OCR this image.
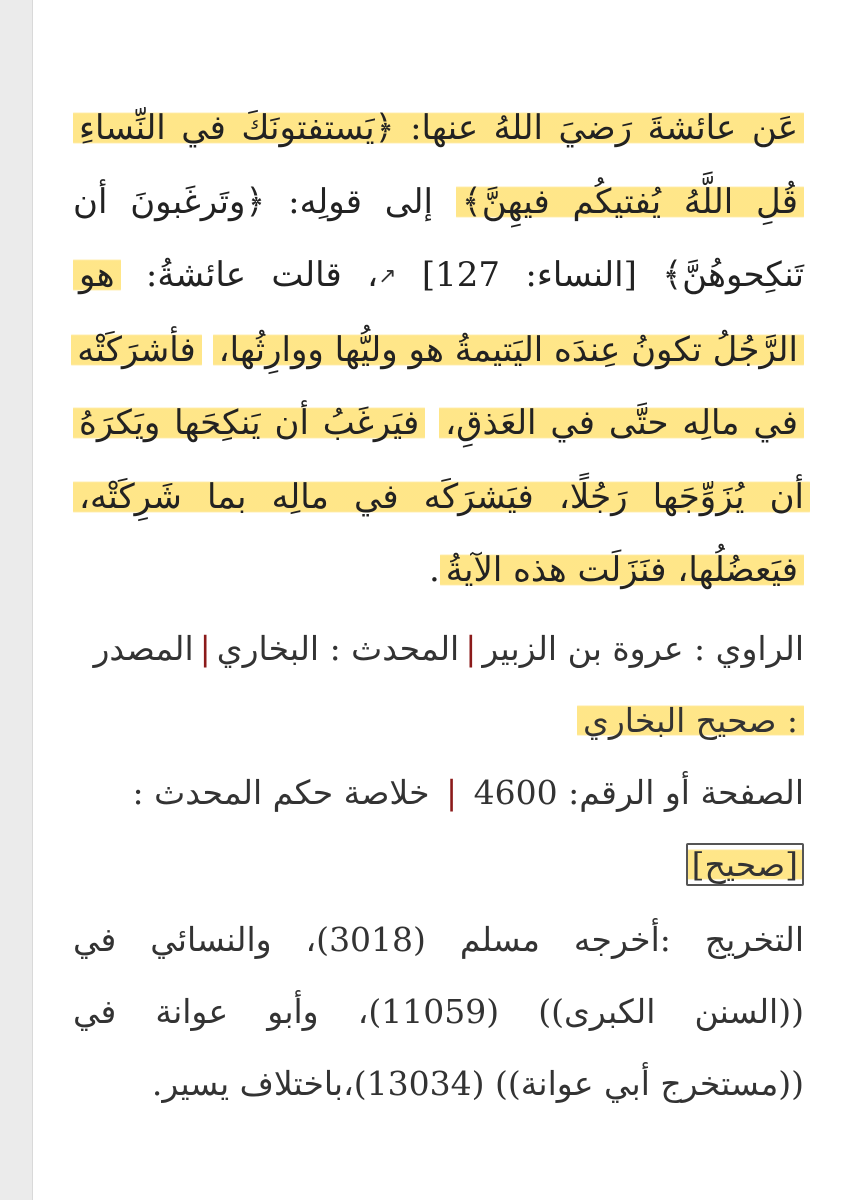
عَن عائشةَ رَضيَ اللهُ عنها: ﴿يَستفتونَكَ في النِّساءِ قُلِ اللَّهُ يُفتيكُم فيهِنَّ﴾ إلى قولِه: ﴿وتَرغَبونَ أن تَنكِحوهُنَّ﴾ [النساء: 127] ↗، قالت عائشةُ: هو الرَّجُلُ تكونُ عِندَه اليَتيمةُ هو وليُّها ووارِثُها، فأشرَكَتْه في مالِه حتَّى في العَذقِ، فيَرغَبُ أن يَنكِحَها ويَكرَهُ أن يُزَوِّجَها رَجُلًا، فيَشرَكَه في مالِه بما شَرِكَتْه، فيَعضُلُها، فنَزَلَت هذه الآيةُ.
الراوي : عروة بن الزبير|المحدث : البخاري|المصدر
: صحيح البخاري
الصفحة أو الرقم: 4600 | خلاصة حكم المحدث :
[صحيح]
التخريج :أخرجه مسلم (3018)، والنسائي في ((السنن الكبرى)) (11059)، وأبو عوانة في ((مستخرج أبي عوانة)) (13034)،باختلاف يسير.
